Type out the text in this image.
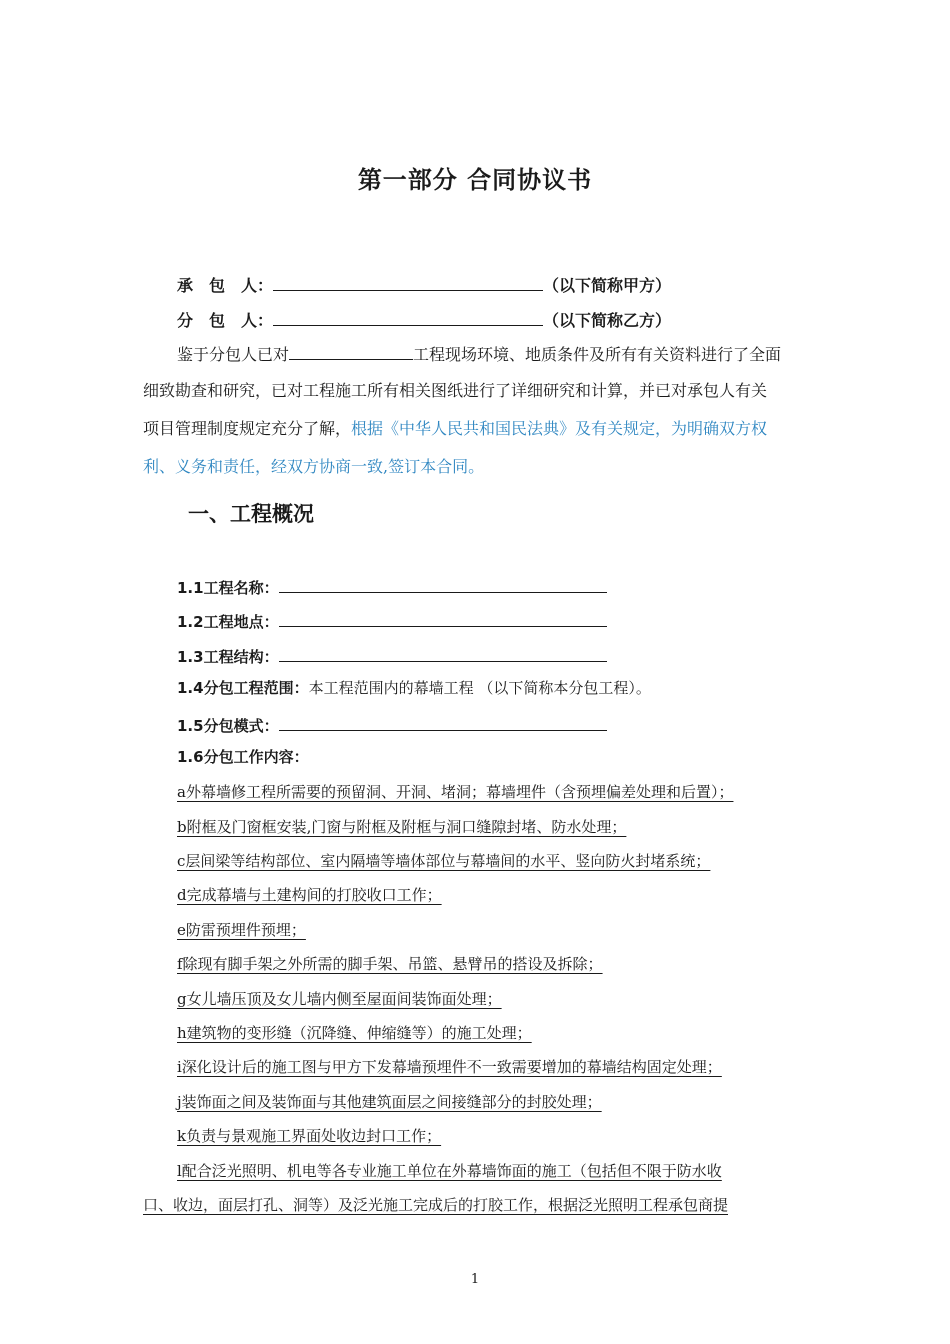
第一部分 合同协议书
承　包　人：	（以下简称甲方）
分　包　人：	（以下简称乙方）
鉴于分包人已对	工程现场环境、地质条件及所有有关资料进行了全面
细致勘查和研究，已对工程施工所有相关图纸进行了详细研究和计算，并已对承包人有关
项目管理制度规定充分了解，根据《中华人民共和国民法典》及有关规定，为明确双方权
利、义务和责任，经双方协商一致,签订本合同。
一、工程概况
1.1工程名称：
1.2工程地点：
1.3工程结构：
1.4分包工程范围：本工程范围内的幕墙工程 （以下简称本分包工程）。
1.5分包模式：
1.6分包工作内容：
a外幕墙修工程所需要的预留洞、开洞、堵洞；幕墙埋件（含预埋偏差处理和后置）；
b附框及门窗框安装,门窗与附框及附框与洞口缝隙封堵、防水处理；
c层间梁等结构部位、室内隔墙等墙体部位与幕墙间的水平、竖向防火封堵系统；
d完成幕墙与土建构间的打胶收口工作；
e防雷预埋件预埋；
f除现有脚手架之外所需的脚手架、吊篮、悬臂吊的搭设及拆除；
g女儿墙压顶及女儿墙内侧至屋面间装饰面处理；
h建筑物的变形缝（沉降缝、伸缩缝等）的施工处理；
i深化设计后的施工图与甲方下发幕墙预埋件不一致需要增加的幕墙结构固定处理；
j装饰面之间及装饰面与其他建筑面层之间接缝部分的封胶处理；
k负责与景观施工界面处收边封口工作；
l配合泛光照明、机电等各专业施工单位在外幕墙饰面的施工（包括但不限于防水收
口、收边，面层打孔、洞等）及泛光施工完成后的打胶工作，根据泛光照明工程承包商提
1
